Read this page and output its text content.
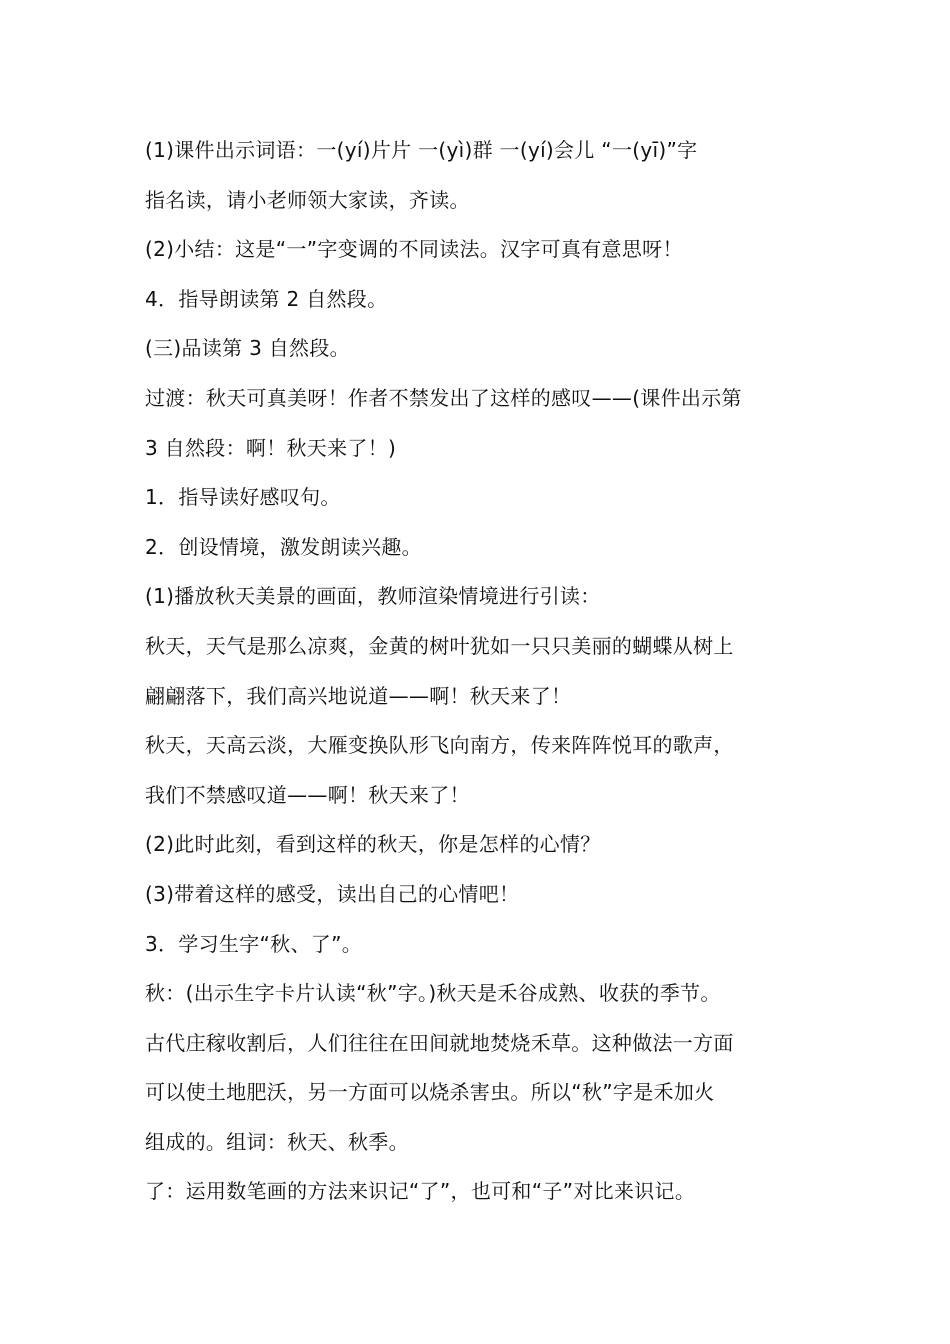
(1)课件出示词语：一(yí)片片 一(yì)群 一(yí)会儿 “一(yī)”字
指名读，请小老师领大家读，齐读。
(2)小结：这是“一”字变调的不同读法。汉字可真有意思呀！
4．指导朗读第 2 自然段。
(三)品读第 3 自然段。
过渡：秋天可真美呀！作者不禁发出了这样的感叹——(课件出示第
3 自然段：啊！秋天来了！)
1．指导读好感叹句。
2．创设情境，激发朗读兴趣。
(1)播放秋天美景的画面，教师渲染情境进行引读：
秋天，天气是那么凉爽，金黄的树叶犹如一只只美丽的蝴蝶从树上
翩翩落下，我们高兴地说道——啊！秋天来了！
秋天，天高云淡，大雁变换队形飞向南方，传来阵阵悦耳的歌声，
我们不禁感叹道——啊！秋天来了！
(2)此时此刻，看到这样的秋天，你是怎样的心情？
(3)带着这样的感受，读出自己的心情吧！
3．学习生字“秋、了”。
秋：(出示生字卡片认读“秋”字。)秋天是禾谷成熟、收获的季节。
古代庄稼收割后，人们往往在田间就地焚烧禾草。这种做法一方面
可以使土地肥沃，另一方面可以烧杀害虫。所以“秋”字是禾加火
组成的。组词：秋天、秋季。
了：运用数笔画的方法来识记“了”，也可和“子”对比来识记。
